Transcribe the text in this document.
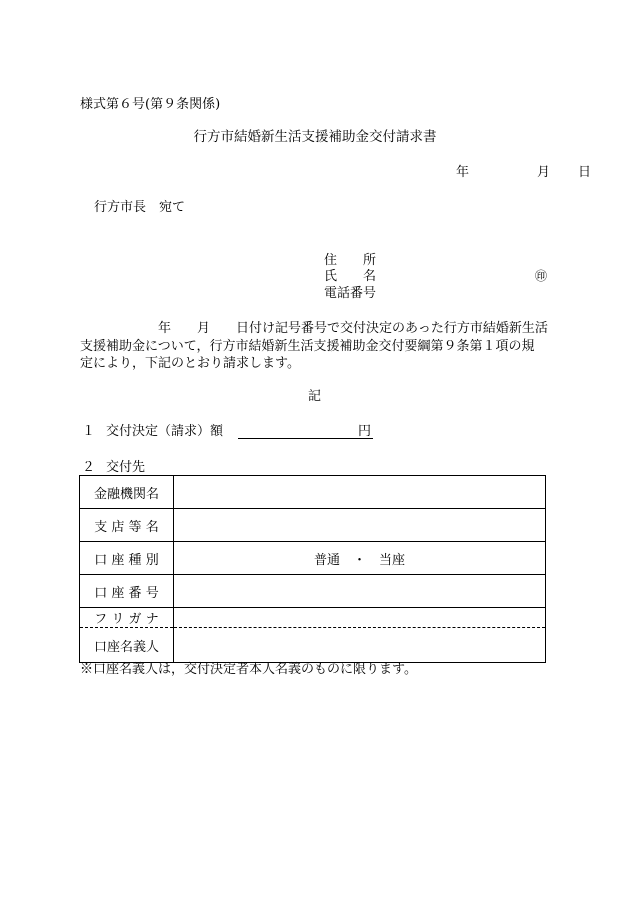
様式第６号(第９条関係)
行方市結婚新生活支援補助金交付請求書
年	月 日
行方市長　宛て
住　　所
氏　　名
電話番号
㊞
　　　　　　年　　月　　日付け記号番号で交付決定のあった行方市結婚新生活
支援補助金について，行方市結婚新生活支援補助金交付要綱第９条第１項の規
定により，下記のとおり請求します。
記
１ 交付決定（請求）額	円
２ 交付先
金融機関名	
支 店 等 名	
口 座 種 別	普通　・　当座
口 座 番 号	
フ リ ガ ナ	
口座名義人	
※口座名義人は，交付決定者本人名義のものに限ります。
